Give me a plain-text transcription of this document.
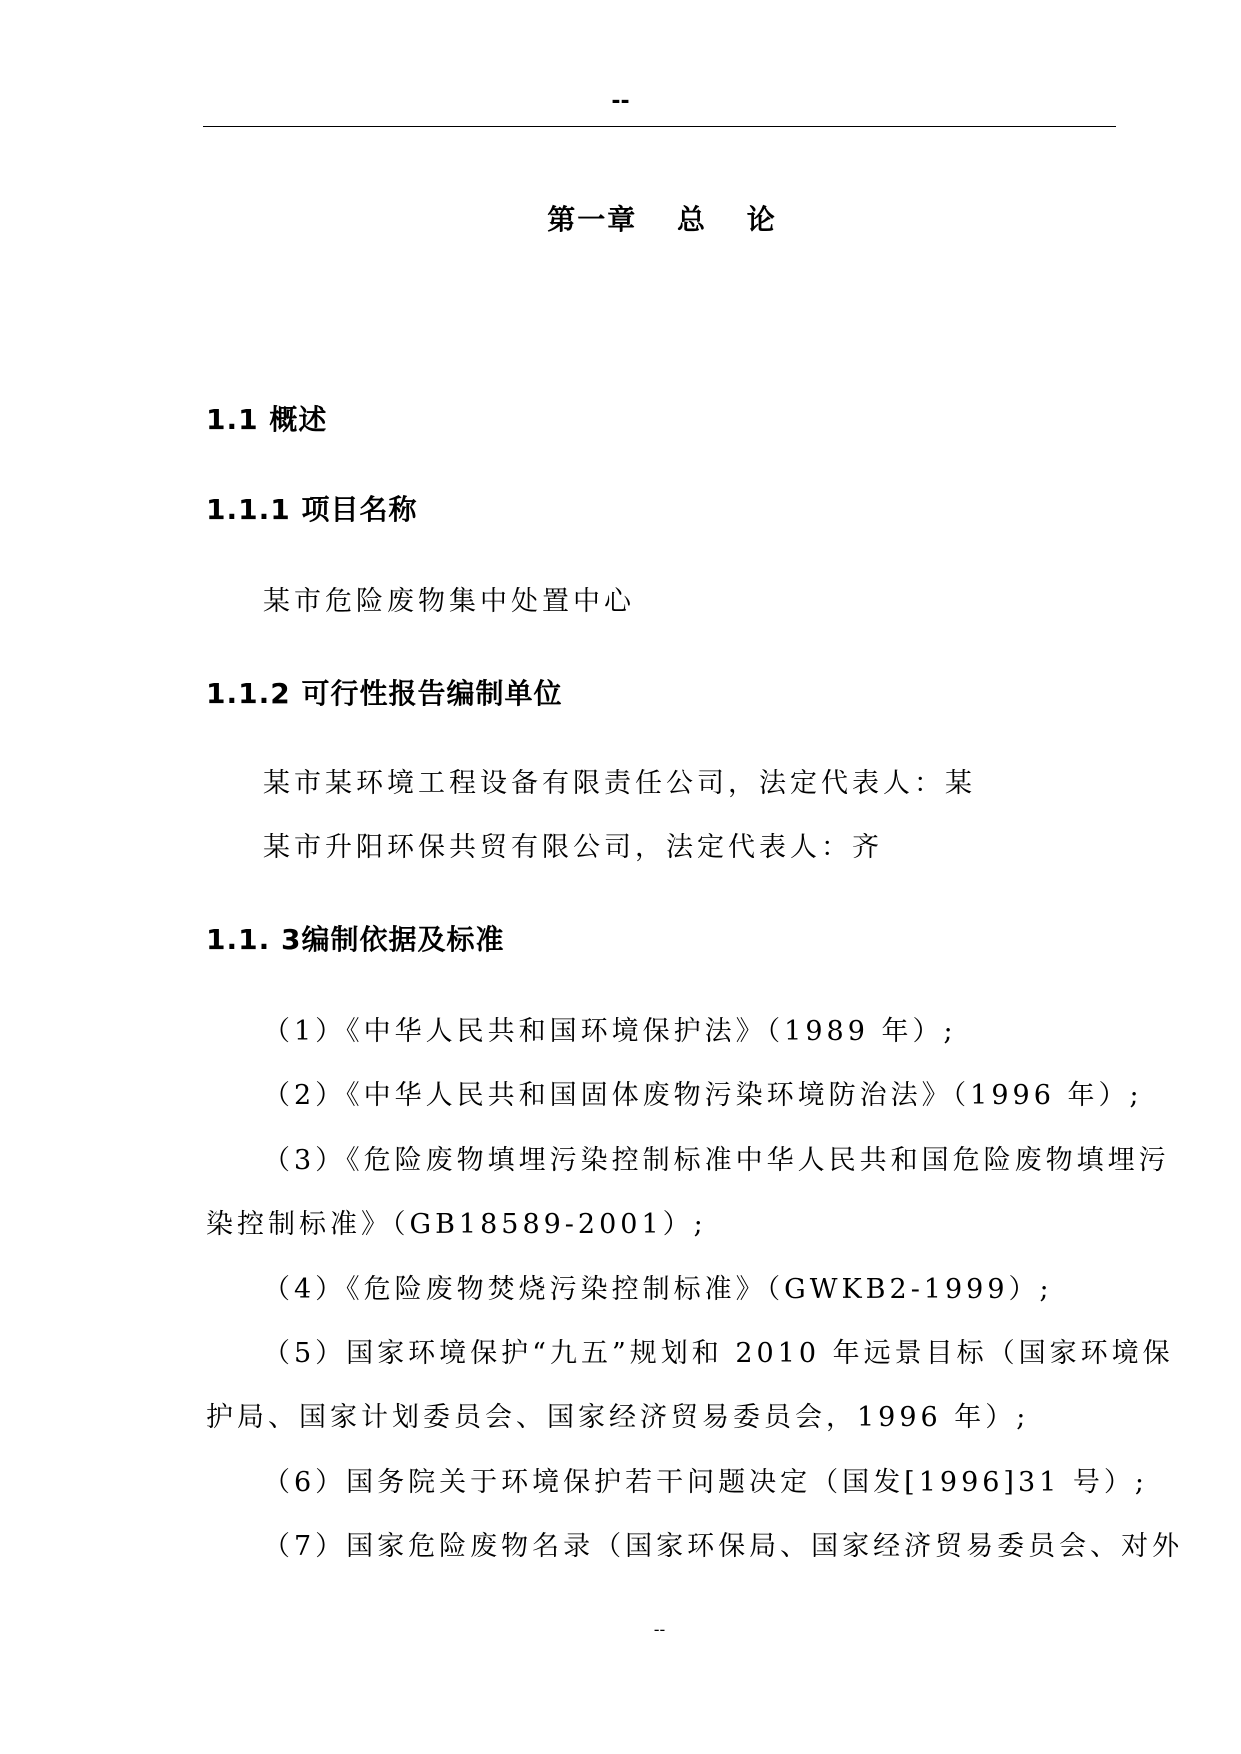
--
第一章 总 论
1.1 概述
1.1.1 项目名称
某市危险废物集中处置中心
1.1.2 可行性报告编制单位
某市某环境工程设备有限责任公司，法定代表人：某
某市升阳环保共贸有限公司，法定代表人：齐
1.1. 3编制依据及标准
（1）《中华人民共和国环境保护法》（1989 年）;
（2）《中华人民共和国固体废物污染环境防治法》（1996 年）;
（3）《危险废物填埋污染控制标准中华人民共和国危险废物填埋污
染控制标准》（GB18589-2001）;
（4）《危险废物焚烧污染控制标准》（GWKB2-1999）;
（5）国家环境保护“九五”规划和 2010 年远景目标（国家环境保
护局、国家计划委员会、国家经济贸易委员会，1996 年）;
（6）国务院关于环境保护若干问题决定（国发[1996]31 号）;
（7）国家危险废物名录（国家环保局、国家经济贸易委员会、对外
--
